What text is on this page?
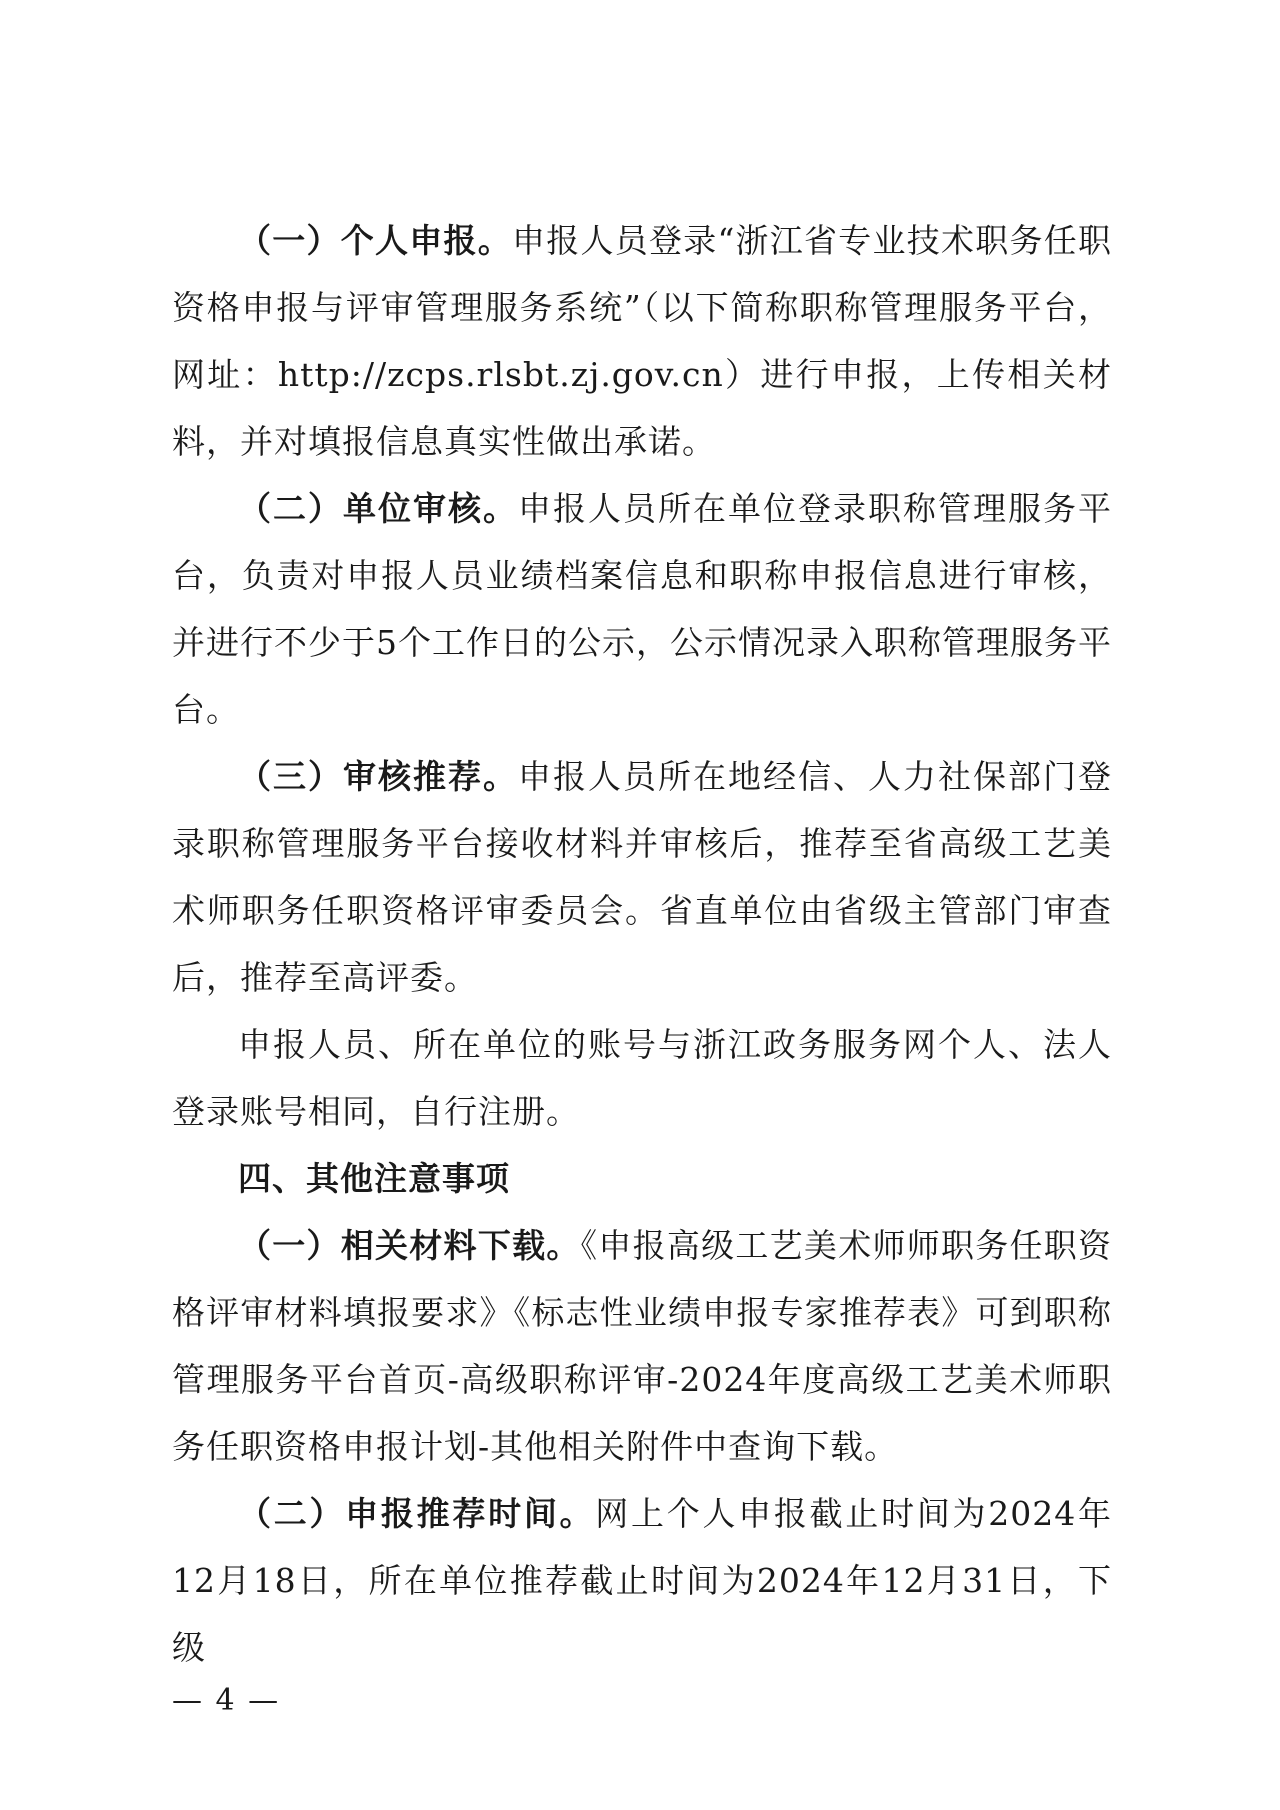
（一）个人申报。申报人员登录“浙江省专业技术职务任职资格申报与评审管理服务系统”（以下简称职称管理服务平台，网址：http://zcps.rlsbt.zj.gov.cn）进行申报，上传相关材料，并对填报信息真实性做出承诺。

（二）单位审核。申报人员所在单位登录职称管理服务平台，负责对申报人员业绩档案信息和职称申报信息进行审核，并进行不少于5个工作日的公示，公示情况录入职称管理服务平台。

（三）审核推荐。申报人员所在地经信、人力社保部门登录职称管理服务平台接收材料并审核后，推荐至省高级工艺美术师职务任职资格评审委员会。省直单位由省级主管部门审查后，推荐至高评委。

申报人员、所在单位的账号与浙江政务服务网个人、法人登录账号相同，自行注册。

四、其他注意事项

（一）相关材料下载。《申报高级工艺美术师师职务任职资格评审材料填报要求》《标志性业绩申报专家推荐表》可到职称管理服务平台首页-高级职称评审-2024年度高级工艺美术师职务任职资格申报计划-其他相关附件中查询下载。

（二）申报推荐时间。网上个人申报截止时间为2024年12月18日，所在单位推荐截止时间为2024年12月31日，下级

— 4 —
